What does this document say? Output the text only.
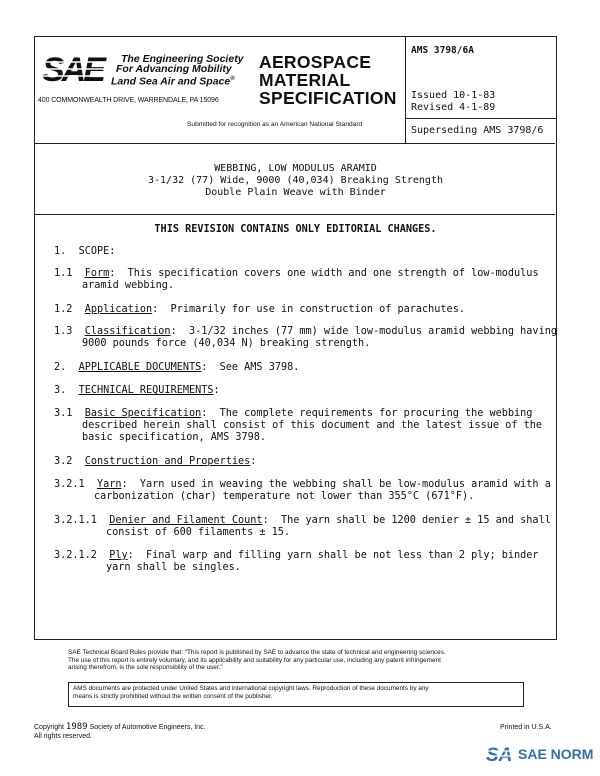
SAE	The Engineering Society
For Advancing Mobility
Land Sea Air and Space®
400 COMMONWEALTH DRIVE, WARRENDALE, PA 15096
AEROSPACE
MATERIAL
SPECIFICATION
Submitted for recognition as an American National Standard
AMS 3798/6A
Issued 10-1-83
Revised 4-1-89
Superseding AMS 3798/6
WEBBING, LOW MODULUS ARAMID
3-1/32 (77) Wide, 9000 (40,034) Breaking Strength
Double Plain Weave with Binder
THIS REVISION CONTAINS ONLY EDITORIAL CHANGES.
1. SCOPE:
1.1 Form:  This specification covers one width and one strength of low-modulus
aramid webbing.
1.2 Application:  Primarily for use in construction of parachutes.
1.3 Classification:  3-1/32 inches (77 mm) wide low-modulus aramid webbing having
9000 pounds force (40,034 N) breaking strength.
2. APPLICABLE DOCUMENTS:  See AMS 3798.
3. TECHNICAL REQUIREMENTS:
3.1 Basic Specification:  The complete requirements for procuring the webbing
described herein shall consist of this document and the latest issue of the
basic specification, AMS 3798.
3.2 Construction and Properties:
3.2.1 Yarn:  Yarn used in weaving the webbing shall be low-modulus aramid with a
carbonization (char) temperature not lower than 355°C (671°F).
3.2.1.1 Denier and Filament Count:  The yarn shall be 1200 denier ± 15 and shall
consist of 600 filaments ± 15.
3.2.1.2 Ply:  Final warp and filling yarn shall be not less than 2 ply; binder
yarn shall be singles.
SAE Technical Board Rules provide that: "This report is published by SAE to advance the state of technical and engineering sciences.
The use of this report is entirely voluntary, and its applicability and suitability for any particular use, including any patent infringement
arising therefrom, is the sole responsibility of the user."
AMS documents are protected under United States and international copyright laws. Reproduction of these documents by any
means is strictly prohibited without the written consent of the publisher.
Copyright 1989 Society of Automotive Engineers, Inc.
All rights reserved.
Printed in U.S.A.
SA SAE NORM
